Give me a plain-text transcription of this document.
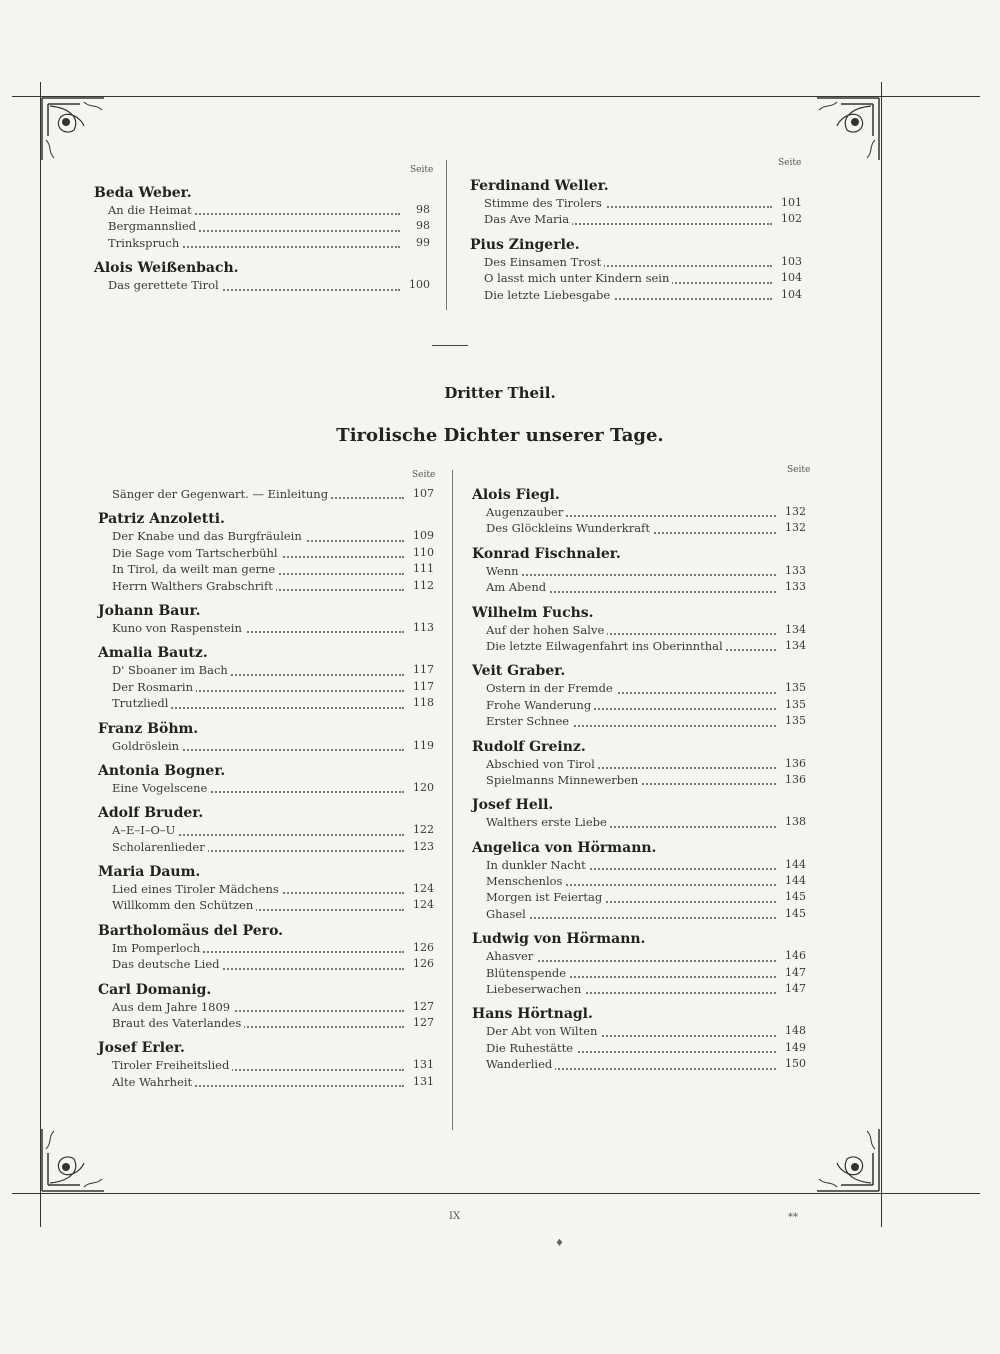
Seite
Seite
Beda Weber.
An die Heimat	98
Bergmannslied	98
Trinkspruch	99
Alois Weißenbach.
Das gerettete Tirol	100
Ferdinand Weller.
Stimme des Tirolers	101
Das Ave Maria	102
Pius Zingerle.
Des Einsamen Trost	103
O lasst mich unter Kindern sein	104
Die letzte Liebesgabe	104
Dritter Theil.
Tirolische Dichter unserer Tage.
Seite	Seite
Sänger der Gegenwart. — Einleitung	107
Patriz Anzoletti.
Der Knabe und das Burgfräulein	109
Die Sage vom Tartscherbühl	110
In Tirol, da weilt man gerne	111
Herrn Walthers Grabschrift	112
Johann Baur.
Kuno von Raspenstein	113
Amalia Bautz.
D' Sboaner im Bach	117
Der Rosmarin	117
Trutzliedl	118
Franz Böhm.
Goldröslein	119
Antonia Bogner.
Eine Vogelscene	120
Adolf Bruder.
A–E–I–O–U	122
Scholarenlieder	123
Maria Daum.
Lied eines Tiroler Mädchens	124
Willkomm den Schützen	124
Bartholomäus del Pero.
Im Pomperloch	126
Das deutsche Lied	126
Carl Domanig.
Aus dem Jahre 1809	127
Braut des Vaterlandes	127
Josef Erler.
Tiroler Freiheitslied	131
Alte Wahrheit	131
Alois Fiegl.
Augenzauber	132
Des Glöckleins Wunderkraft	132
Konrad Fischnaler.
Wenn	133
Am Abend	133
Wilhelm Fuchs.
Auf der hohen Salve	134
Die letzte Eilwagenfahrt ins Oberinnthal	134
Veit Graber.
Ostern in der Fremde	135
Frohe Wanderung	135
Erster Schnee	135
Rudolf Greinz.
Abschied von Tirol	136
Spielmanns Minnewerben	136
Josef Hell.
Walthers erste Liebe	138
Angelica von Hörmann.
In dunkler Nacht	144
Menschenlos	144
Morgen ist Feiertag	145
Ghasel	145
Ludwig von Hörmann.
Ahasver	146
Blütenspende	147
Liebeserwachen	147
Hans Hörtnagl.
Der Abt von Wilten	148
Die Ruhestätte	149
Wanderlied	150
IX	**
♦
